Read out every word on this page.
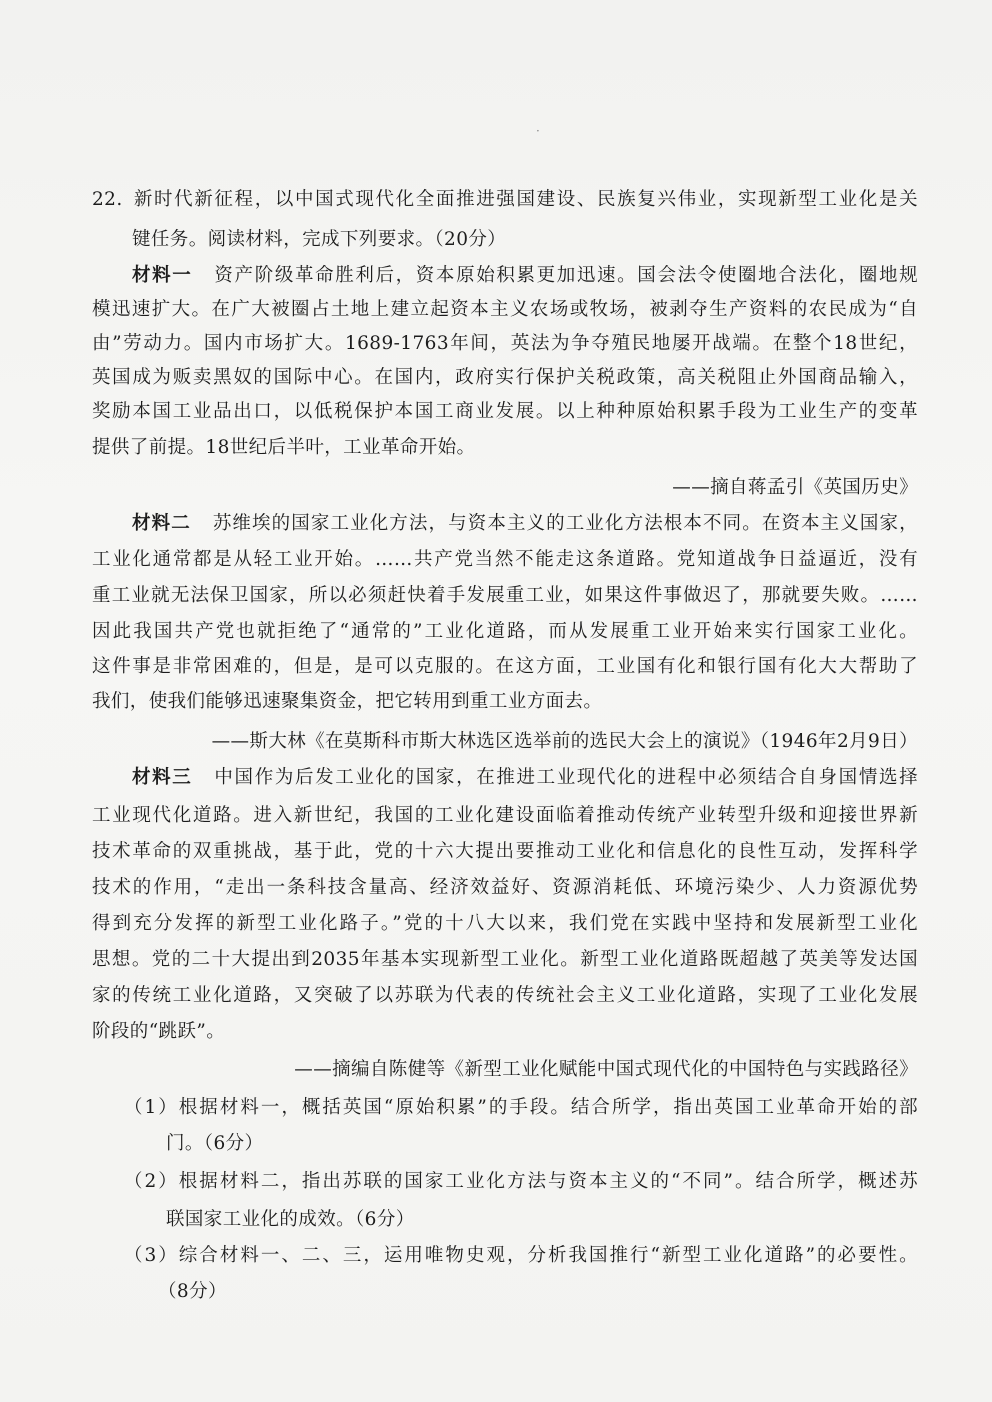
·
22. 新时代新征程，以中国式现代化全面推进强国建设、民族复兴伟业，实现新型工业化是关
键任务。阅读材料，完成下列要求。（20分）
材料一 资产阶级革命胜利后，资本原始积累更加迅速。国会法令使圈地合法化，圈地规
模迅速扩大。在广大被圈占土地上建立起资本主义农场或牧场，被剥夺生产资料的农民成为“自
由”劳动力。国内市场扩大。1689-1763年间，英法为争夺殖民地屡开战端。在整个18世纪，
英国成为贩卖黑奴的国际中心。在国内，政府实行保护关税政策，高关税阻止外国商品输入，
奖励本国工业品出口，以低税保护本国工商业发展。以上种种原始积累手段为工业生产的变革
提供了前提。18世纪后半叶，工业革命开始。
——摘自蒋孟引《英国历史》
材料二 苏维埃的国家工业化方法，与资本主义的工业化方法根本不同。在资本主义国家，
工业化通常都是从轻工业开始。……共产党当然不能走这条道路。党知道战争日益逼近，没有
重工业就无法保卫国家，所以必须赶快着手发展重工业，如果这件事做迟了，那就要失败。……
因此我国共产党也就拒绝了“通常的”工业化道路，而从发展重工业开始来实行国家工业化。
这件事是非常困难的，但是，是可以克服的。在这方面，工业国有化和银行国有化大大帮助了
我们，使我们能够迅速聚集资金，把它转用到重工业方面去。
——斯大林《在莫斯科市斯大林选区选举前的选民大会上的演说》（1946年2月9日）
材料三 中国作为后发工业化的国家，在推进工业现代化的进程中必须结合自身国情选择
工业现代化道路。进入新世纪，我国的工业化建设面临着推动传统产业转型升级和迎接世界新
技术革命的双重挑战，基于此，党的十六大提出要推动工业化和信息化的良性互动，发挥科学
技术的作用，“走出一条科技含量高、经济效益好、资源消耗低、环境污染少、人力资源优势
得到充分发挥的新型工业化路子。”党的十八大以来，我们党在实践中坚持和发展新型工业化
思想。党的二十大提出到2035年基本实现新型工业化。新型工业化道路既超越了英美等发达国
家的传统工业化道路，又突破了以苏联为代表的传统社会主义工业化道路，实现了工业化发展
阶段的“跳跃”。
——摘编自陈健等《新型工业化赋能中国式现代化的中国特色与实践路径》
（1）根据材料一，概括英国“原始积累”的手段。结合所学，指出英国工业革命开始的部
门。（6分）
（2）根据材料二，指出苏联的国家工业化方法与资本主义的“不同”。结合所学，概述苏
联国家工业化的成效。（6分）
（3）综合材料一、二、三，运用唯物史观，分析我国推行“新型工业化道路”的必要性。
（8分）
